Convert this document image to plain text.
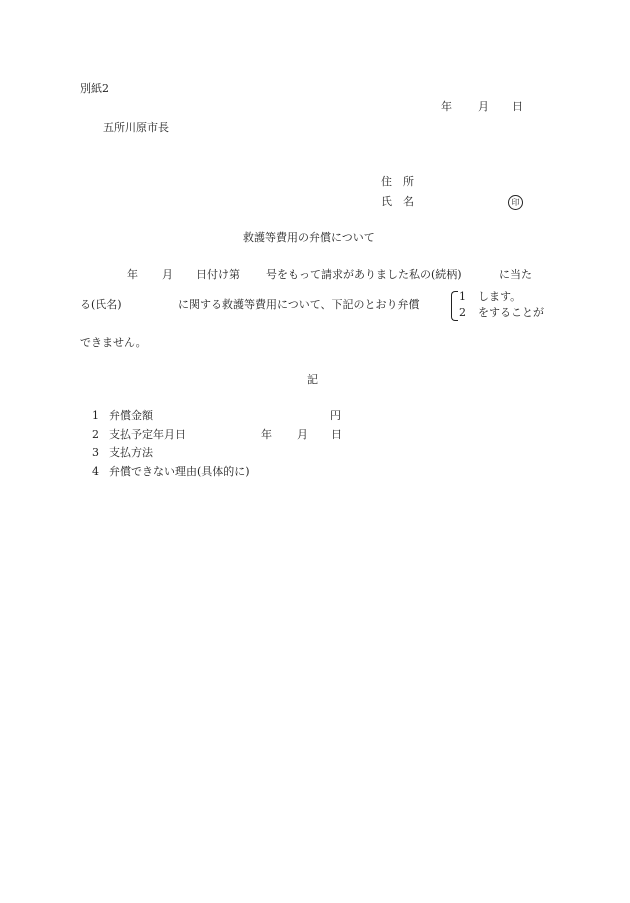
別紙2
年 月 日
五所川原市長
住　所
氏　名	印
救護等費用の弁償について
年 月 日付け第 号をもって請求がありました私の(続柄)	に当た
る(氏名)	に関する救護等費用について、下記のとおり弁償
1 します。
2 をすることが
できません。
記
1 弁償金額	円
2 支払予定年月日	年 月 日
3 支払方法
4 弁償できない理由(具体的に)
